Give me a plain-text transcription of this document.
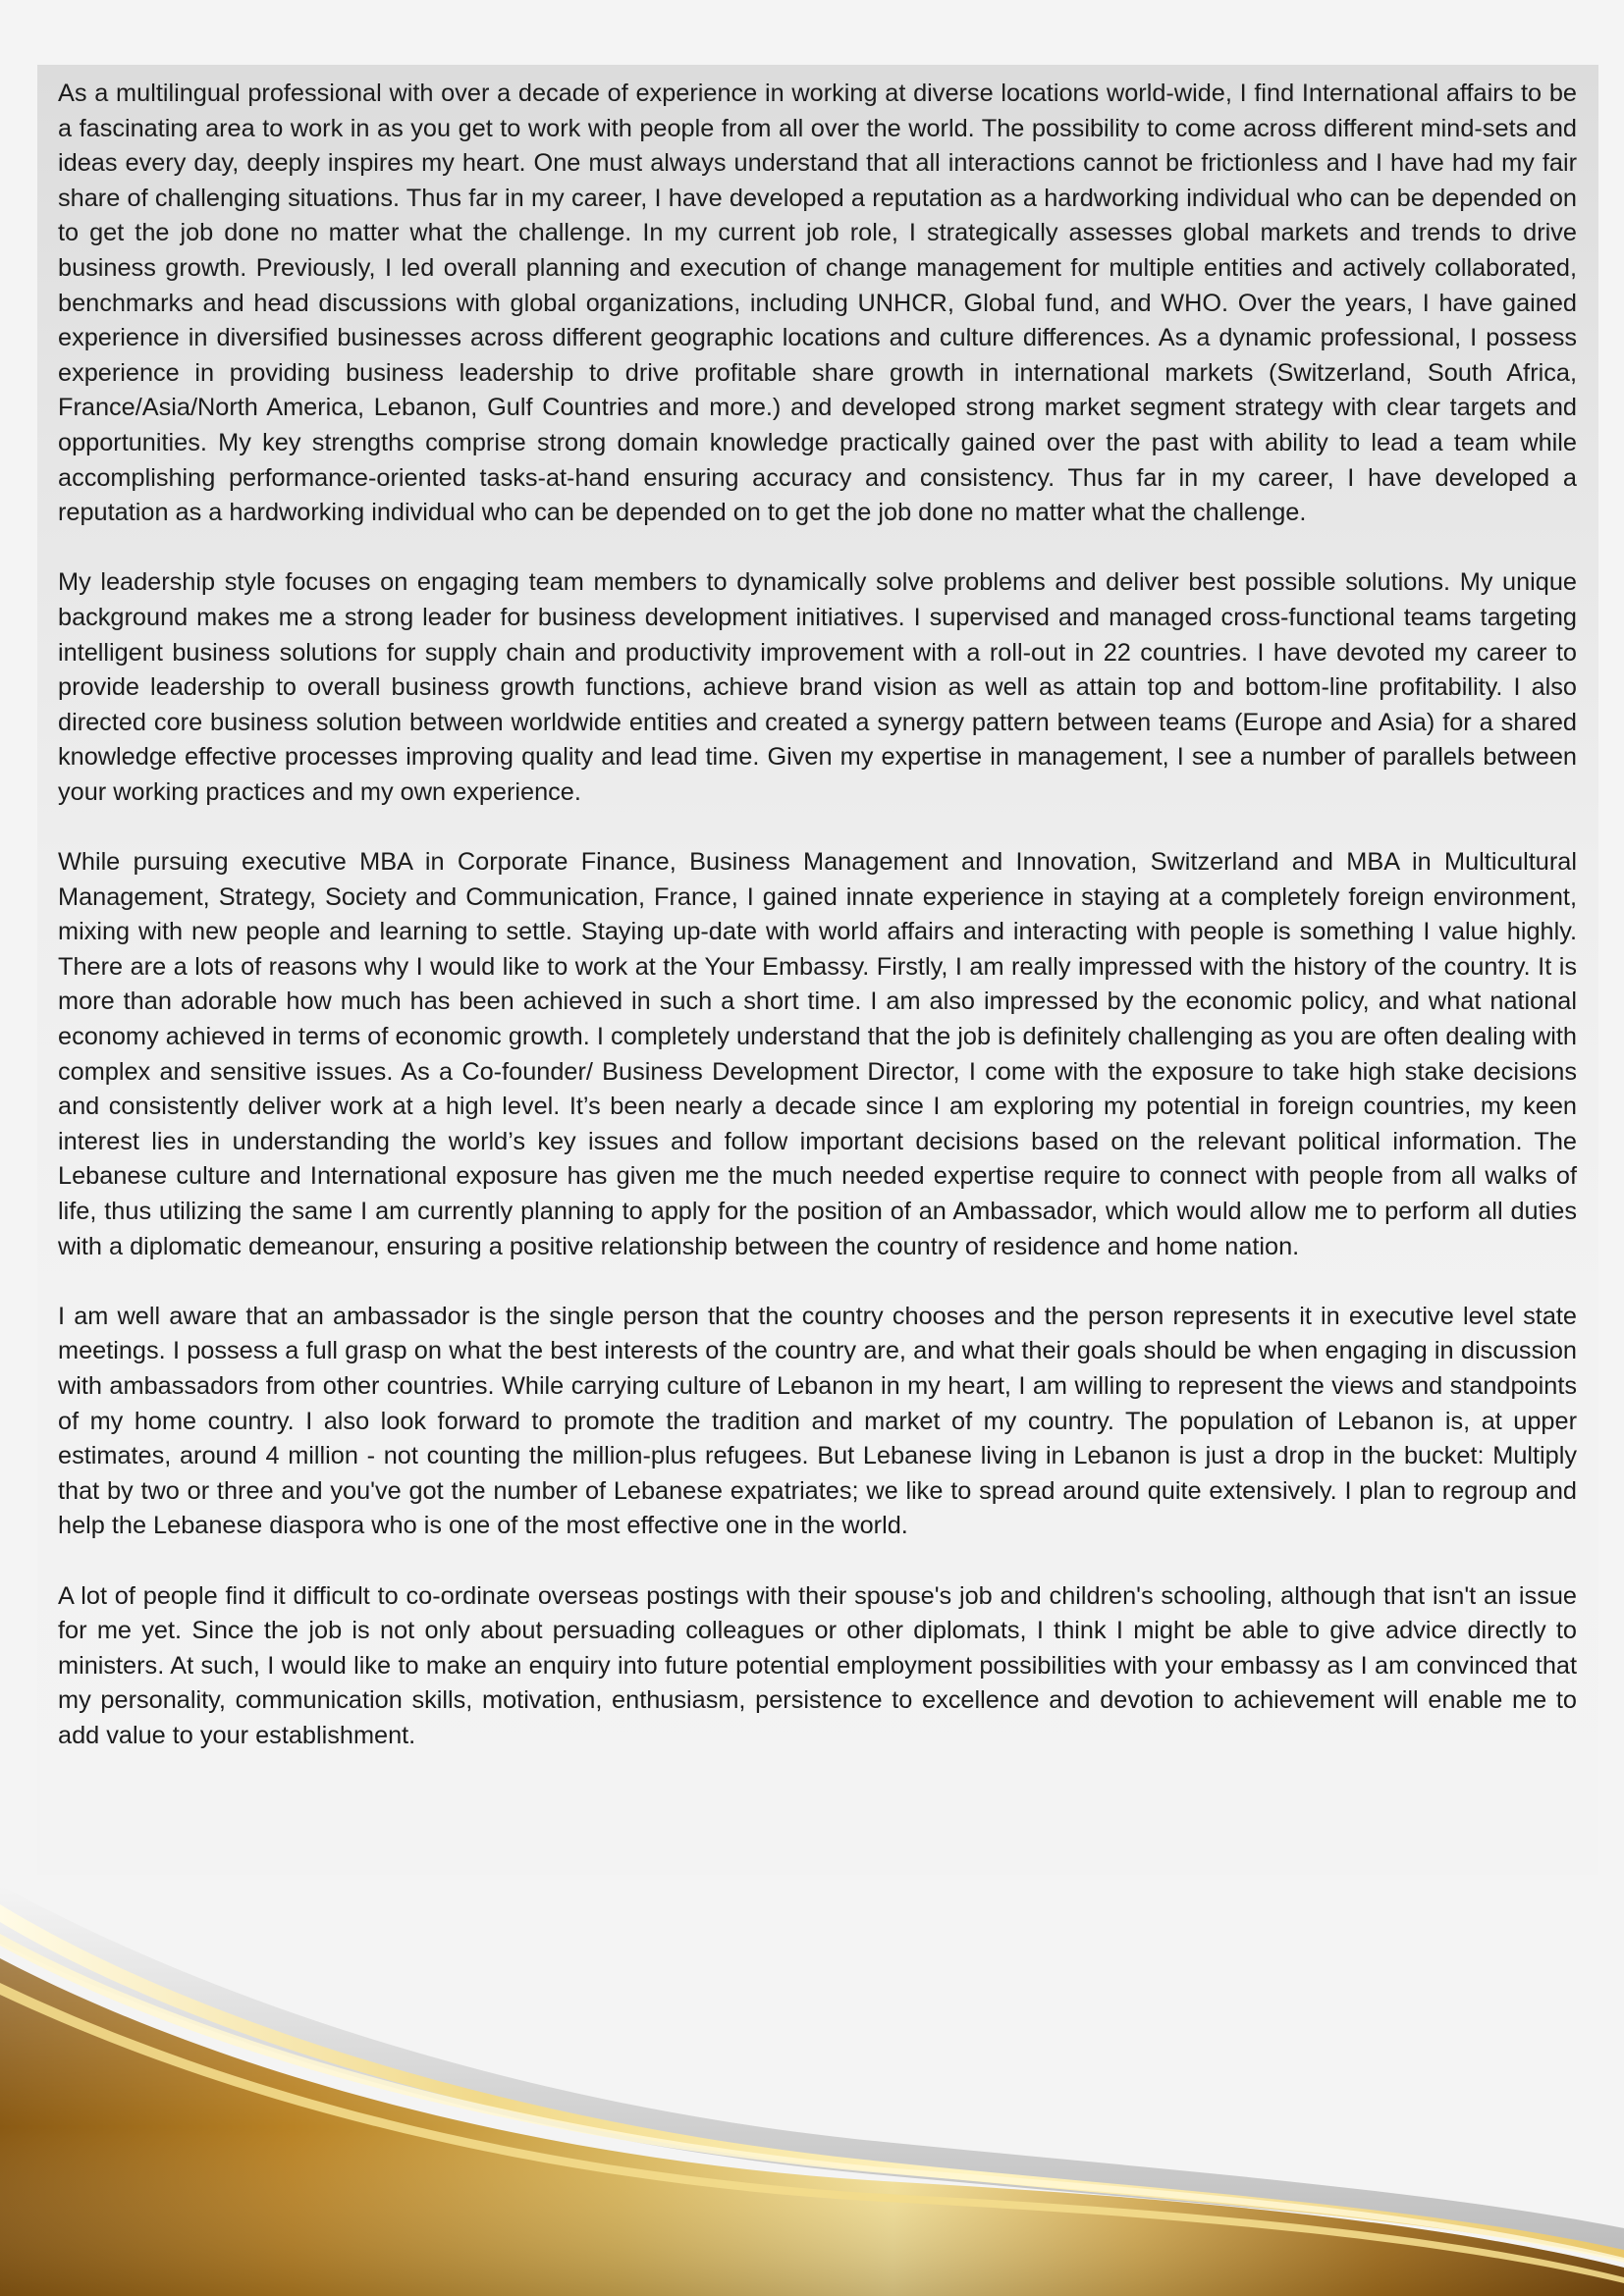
As a multilingual professional with over a decade of experience in working at diverse locations world-wide, I find International affairs to be a fascinating area to work in as you get to work with people from all over the world. The possibility to come across different mind-sets and ideas every day, deeply inspires my heart. One must always understand that all interactions cannot be frictionless and I have had my fair share of challenging situations. Thus far in my career, I have developed a reputation as a hardworking individual who can be depended on to get the job done no matter what the challenge. In my current job role, I strategically assesses global markets and trends to drive business growth. Previously, I led overall planning and execution of change management for multiple entities and actively collaborated, benchmarks and head discussions with global organizations, including UNHCR, Global fund, and WHO. Over the years, I have gained experience in diversified businesses across different geographic locations and culture differences. As a dynamic professional, I possess experience in providing business leadership to drive profitable share growth in international markets (Switzerland, South Africa, France/Asia/North America, Lebanon, Gulf Countries and more.) and developed strong market segment strategy with clear targets and opportunities. My key strengths comprise strong domain knowledge practically gained over the past with ability to lead a team while accomplishing performance-oriented tasks-at-hand ensuring accuracy and consistency. Thus far in my career, I have developed a reputation as a hardworking individual who can be depended on to get the job done no matter what the challenge.

My leadership style focuses on engaging team members to dynamically solve problems and deliver best possible solutions. My unique background makes me a strong leader for business development initiatives. I supervised and managed cross-functional teams targeting intelligent business solutions for supply chain and productivity improvement with a roll-out in 22 countries. I have devoted my career to provide leadership to overall business growth functions, achieve brand vision as well as attain top and bottom-line profitability. I also directed core business solution between worldwide entities and created a synergy pattern between teams (Europe and Asia) for a shared knowledge effective processes improving quality and lead time. Given my expertise in management, I see a number of parallels between your working practices and my own experience.

While pursuing executive MBA in Corporate Finance, Business Management and Innovation, Switzerland and MBA in Multicultural Management, Strategy, Society and Communication, France, I gained innate experience in staying at a completely foreign environment, mixing with new people and learning to settle. Staying up-date with world affairs and interacting with people is something I value highly. There are a lots of reasons why I would like to work at the Your Embassy. Firstly, I am really impressed with the history of the country. It is more than adorable how much has been achieved in such a short time. I am also impressed by the economic policy, and what national economy achieved in terms of economic growth. I completely understand that the job is definitely challenging as you are often dealing with complex and sensitive issues. As a Co-founder/ Business Development Director, I come with the exposure to take high stake decisions and consistently deliver work at a high level. It’s been nearly a decade since I am exploring my potential in foreign countries, my keen interest lies in understanding the world’s key issues and follow important decisions based on the relevant political information. The Lebanese culture and International exposure has given me the much needed expertise require to connect with people from all walks of life, thus utilizing the same I am currently planning to apply for the position of an Ambassador, which would allow me to perform all duties with a diplomatic demeanour, ensuring a positive relationship between the country of residence and home nation.

I am well aware that an ambassador is the single person that the country chooses and the person represents it in executive level state meetings. I possess a full grasp on what the best interests of the country are, and what their goals should be when engaging in discussion with ambassadors from other countries. While carrying culture of Lebanon in my heart, I am willing to represent the views and standpoints of my home country. I also look forward to promote the tradition and market of my country. The population of Lebanon is, at upper estimates, around 4 million - not counting the million-plus refugees. But Lebanese living in Lebanon is just a drop in the bucket: Multiply that by two or three and you've got the number of Lebanese expatriates; we like to spread around quite extensively. I plan to regroup and help the Lebanese diaspora who is one of the most effective one in the world.

A lot of people find it difficult to co-ordinate overseas postings with their spouse's job and children's schooling, although that isn't an issue for me yet. Since the job is not only about persuading colleagues or other diplomats, I think I might be able to give advice directly to ministers. At such, I would like to make an enquiry into future potential employment possibilities with your embassy as I am convinced that my personality, communication skills, motivation, enthusiasm, persistence to excellence and devotion to achievement will enable me to add value to your establishment.
